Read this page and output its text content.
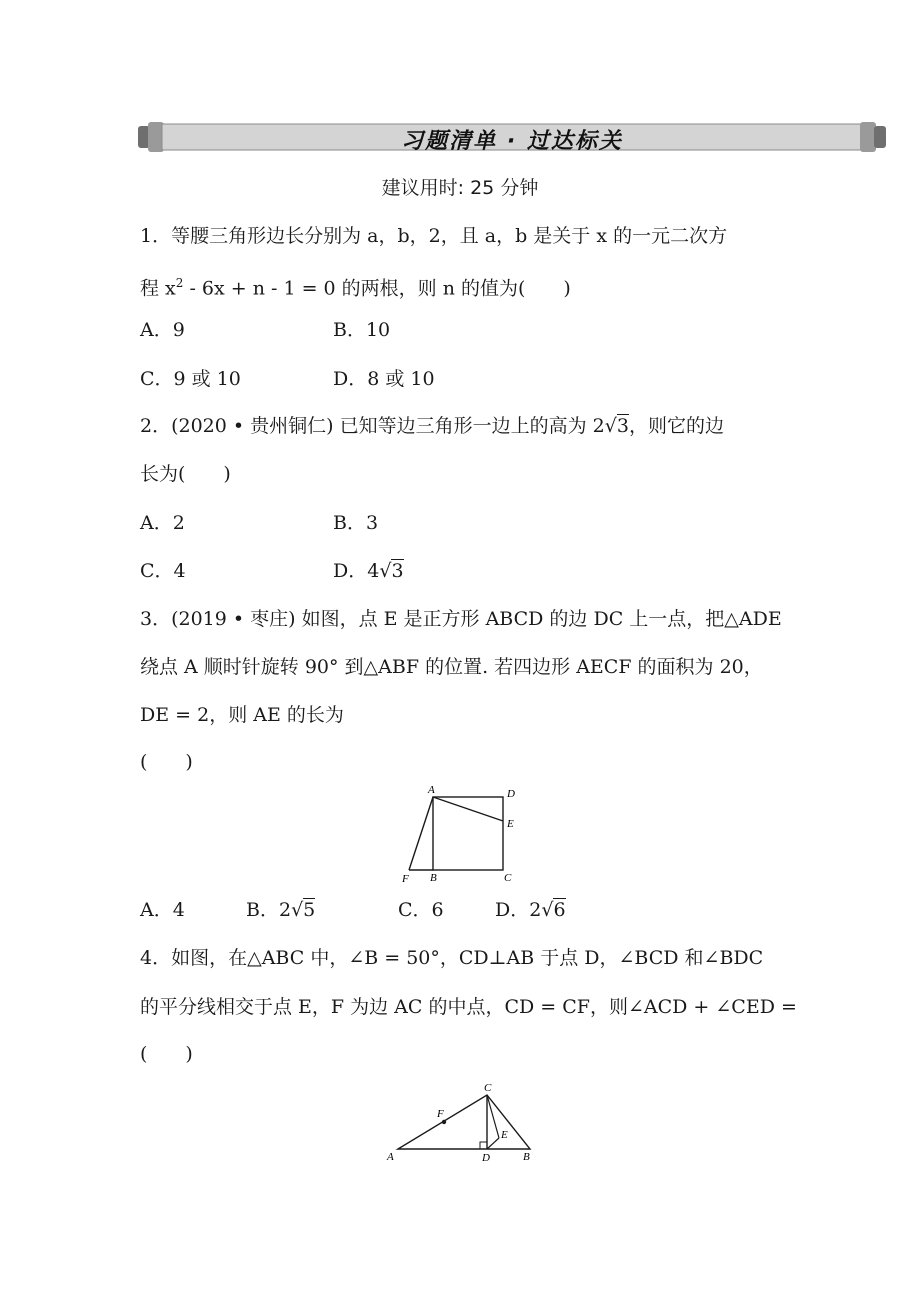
习题清单 · 过达标关
建议用时: 25 分钟
1．等腰三角形边长分别为 a，b，2，且 a，b 是关于 x 的一元二次方
程 $x^2 - 6x + n - 1 = 0$ 的两根，则 n 的值为(　　)
A．9	B．10
C．9 或 10	D．8 或 10
2．(2020 • 贵州铜仁) 已知等边三角形一边上的高为 2√3，则它的边
长为(　　)
A．2	B．3
C．4	D．4√3
3．(2019 • 枣庄) 如图，点 E 是正方形 ABCD 的边 DC 上一点，把△ADE
绕点 A 顺时针旋转 90° 到△ABF 的位置. 若四边形 AECF 的面积为 20，
DE = 2，则 AE 的长为
(　　)
A	D
E
F B	C
A．4	B．2√5	C．6	D．2√6
4．如图，在△ABC 中，∠B = 50°，CD⊥AB 于点 D，∠BCD 和∠BDC
的平分线相交于点 E，F 为边 AC 的中点，CD = CF，则∠ACD + ∠CED =
(　　)
C
F
E
A	D	B
